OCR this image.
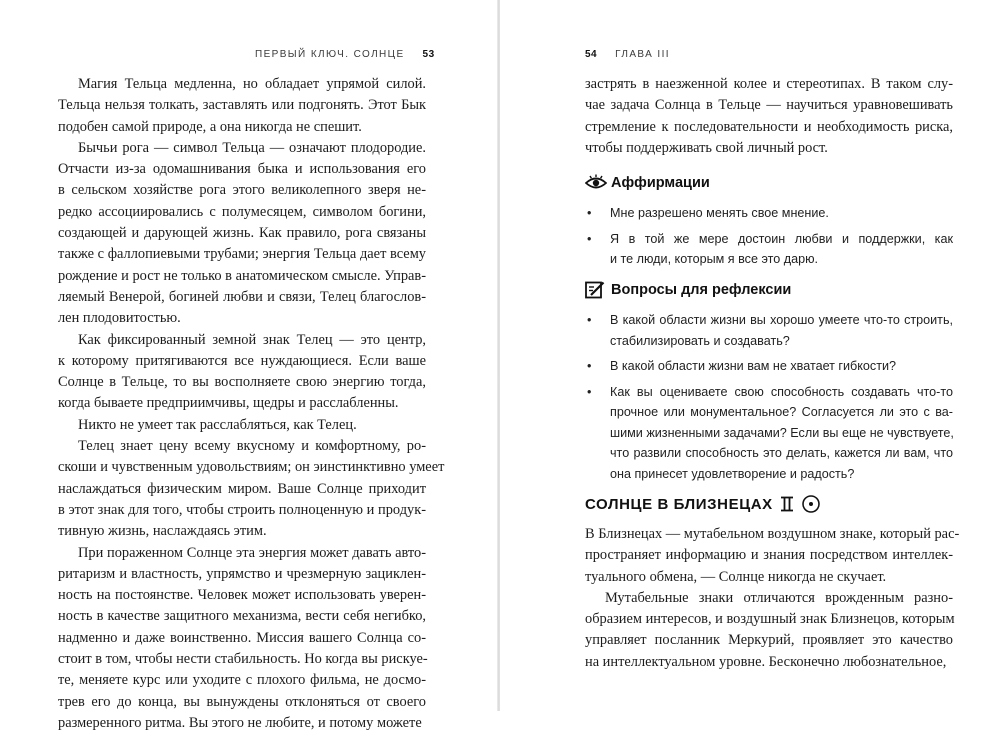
ПЕРВЫЙ КЛЮЧ. СОЛНЦЕ 53
Магия Тельца медленна, но обладает упрямой силой.
Тельца нельзя толкать, заставлять или подгонять. Этот Бык
подобен самой природе, а она никогда не спешит.
Бычьи рога — символ Тельца — означают плодородие.
Отчасти из-за одомашнивания быка и использования его
в сельском хозяйстве рога этого великолепного зверя не-
редко ассоциировались с полумесяцем, символом богини,
создающей и дарующей жизнь. Как правило, рога связаны
также с фаллопиевыми трубами; энергия Тельца дает всему
рождение и рост не только в анатомическом смысле. Управ-
ляемый Венерой, богиней любви и связи, Телец благослов-
лен плодовитостью.
Как фиксированный земной знак Телец — это центр,
к которому притягиваются все нуждающиеся. Если ваше
Солнце в Тельце, то вы восполняете свою энергию тогда,
когда бываете предприимчивы, щедры и расслабленны.
Никто не умеет так расслабляться, как Телец.
Телец знает цену всему вкусному и комфортному, ро-
скоши и чувственным удовольствиям; он эинстинктивно умеет
наслаждаться физическим миром. Ваше Солнце приходит
в этот знак для того, чтобы строить полноценную и продук-
тивную жизнь, наслаждаясь этим.
При пораженном Солнце эта энергия может давать авто-
ритаризм и властность, упрямство и чрезмерную зациклен-
ность на постоянстве. Человек может использовать уверен-
ность в качестве защитного механизма, вести себя негибко,
надменно и даже воинственно. Миссия вашего Солнца со-
стоит в том, чтобы нести стабильность. Но когда вы рискуе-
те, меняете курс или уходите с плохого фильма, не досмо-
трев его до конца, вы вынуждены отклоняться от своего
размеренного ритма. Вы этого не любите, и потому можете
54 ГЛАВА III
застрять в наезженной колее и стереотипах. В таком слу-
чае задача Солнца в Тельце — научиться уравновешивать
стремление к последовательности и необходимость риска,
чтобы поддерживать свой личный рост.
Аффирмации
• Мне разрешено менять свое мнение.
• Я в той же мере достоин любви и поддержки, как
и те люди, которым я все это дарю.
Вопросы для рефлексии
• В какой области жизни вы хорошо умеете что-то строить,
стабилизировать и создавать?
• В какой области жизни вам не хватает гибкости?
• Как вы оцениваете свою способность создавать что-то
прочное или монументальное? Согласуется ли это с ва-
шими жизненными задачами? Если вы еще не чувствуете,
что развили способность это делать, кажется ли вам, что
она принесет удовлетворение и радость?
СОЛНЦЕ В БЛИЗНЕЦАХ
В Близнецах — мутабельном воздушном знаке, который рас-
пространяет информацию и знания посредством интеллек-
туального обмена, — Солнце никогда не скучает.
Мутабельные знаки отличаются врожденным разно-
образием интересов, и воздушный знак Близнецов, которым
управляет посланник Меркурий, проявляет это качество
на интеллектуальном уровне. Бесконечно любознательное,
